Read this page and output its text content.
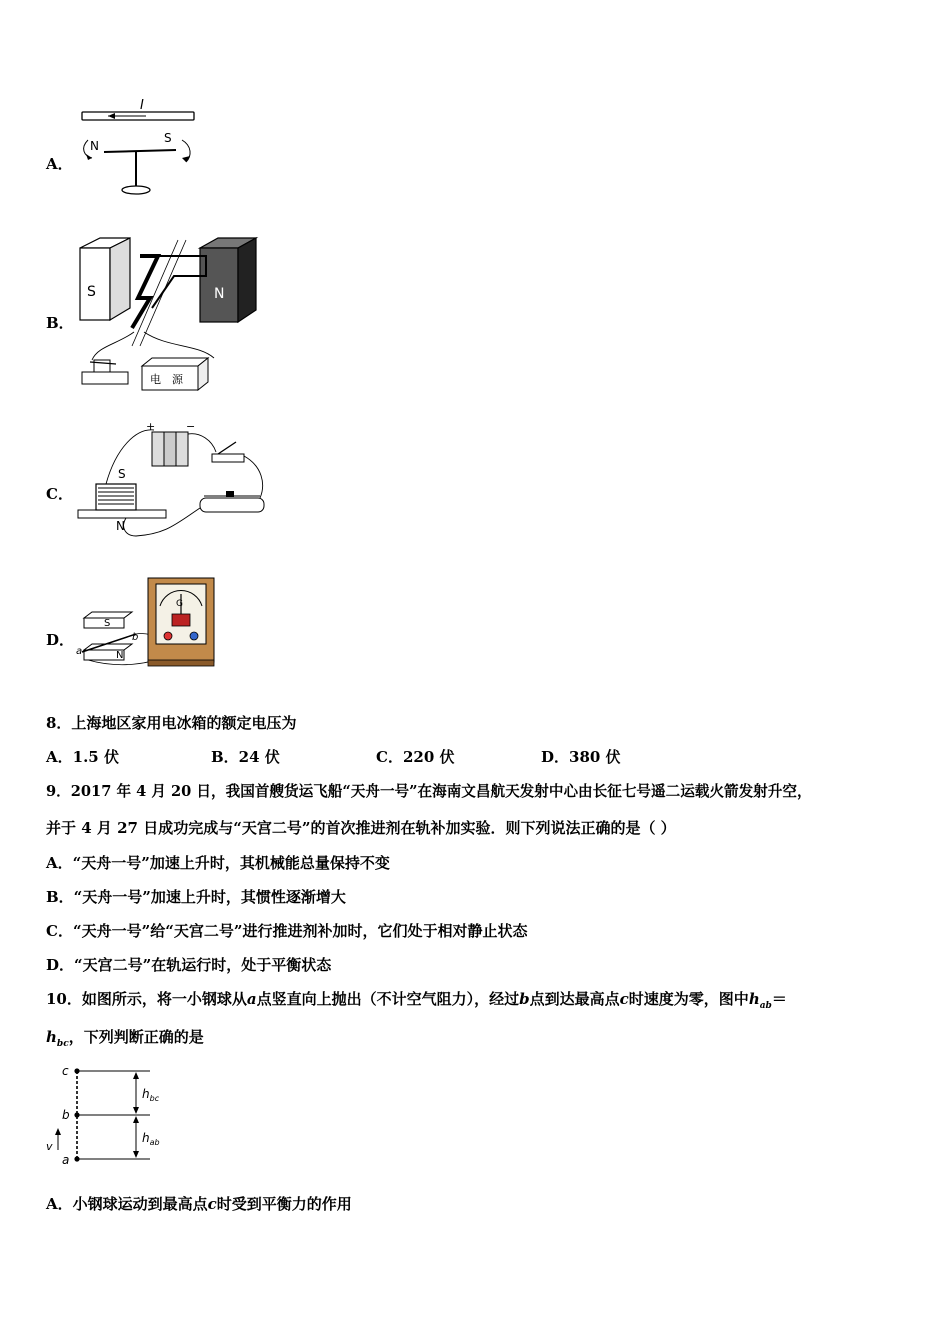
A．
I
N
S
B．
S	N
电　源
C．
+	−
S
N
D．
S
N
a
b
G
8．上海地区家用电冰箱的额定电压为
A．1.5 伏	B．24 伏	C．220 伏	D．380 伏
9．2017 年 4 月 20 日，我国首艘货运飞船“天舟一号”在海南文昌航天发射中心由长征七号遥二运载火箭发射升空，
并于 4 月 27 日成功完成与“天宫二号”的首次推进剂在轨补加实验．则下列说法正确的是（ ）
A．“天舟一号”加速上升时，其机械能总量保持不变
B．“天舟一号”加速上升时，其惯性逐渐增大
C．“天舟一号”给“天宫二号”进行推进剂补加时，它们处于相对静止状态
D．“天宫二号”在轨运行时，处于平衡状态
10．如图所示，将一小钢球从a点竖直向上抛出（不计空气阻力），经过b点到达最高点c时速度为零，图中$h_{ab}=$
$h_{bc}$，下列判断正确的是
c
b
a
$h_{bc}$
$h_{ab}$
v
A．小钢球运动到最高点c时受到平衡力的作用
